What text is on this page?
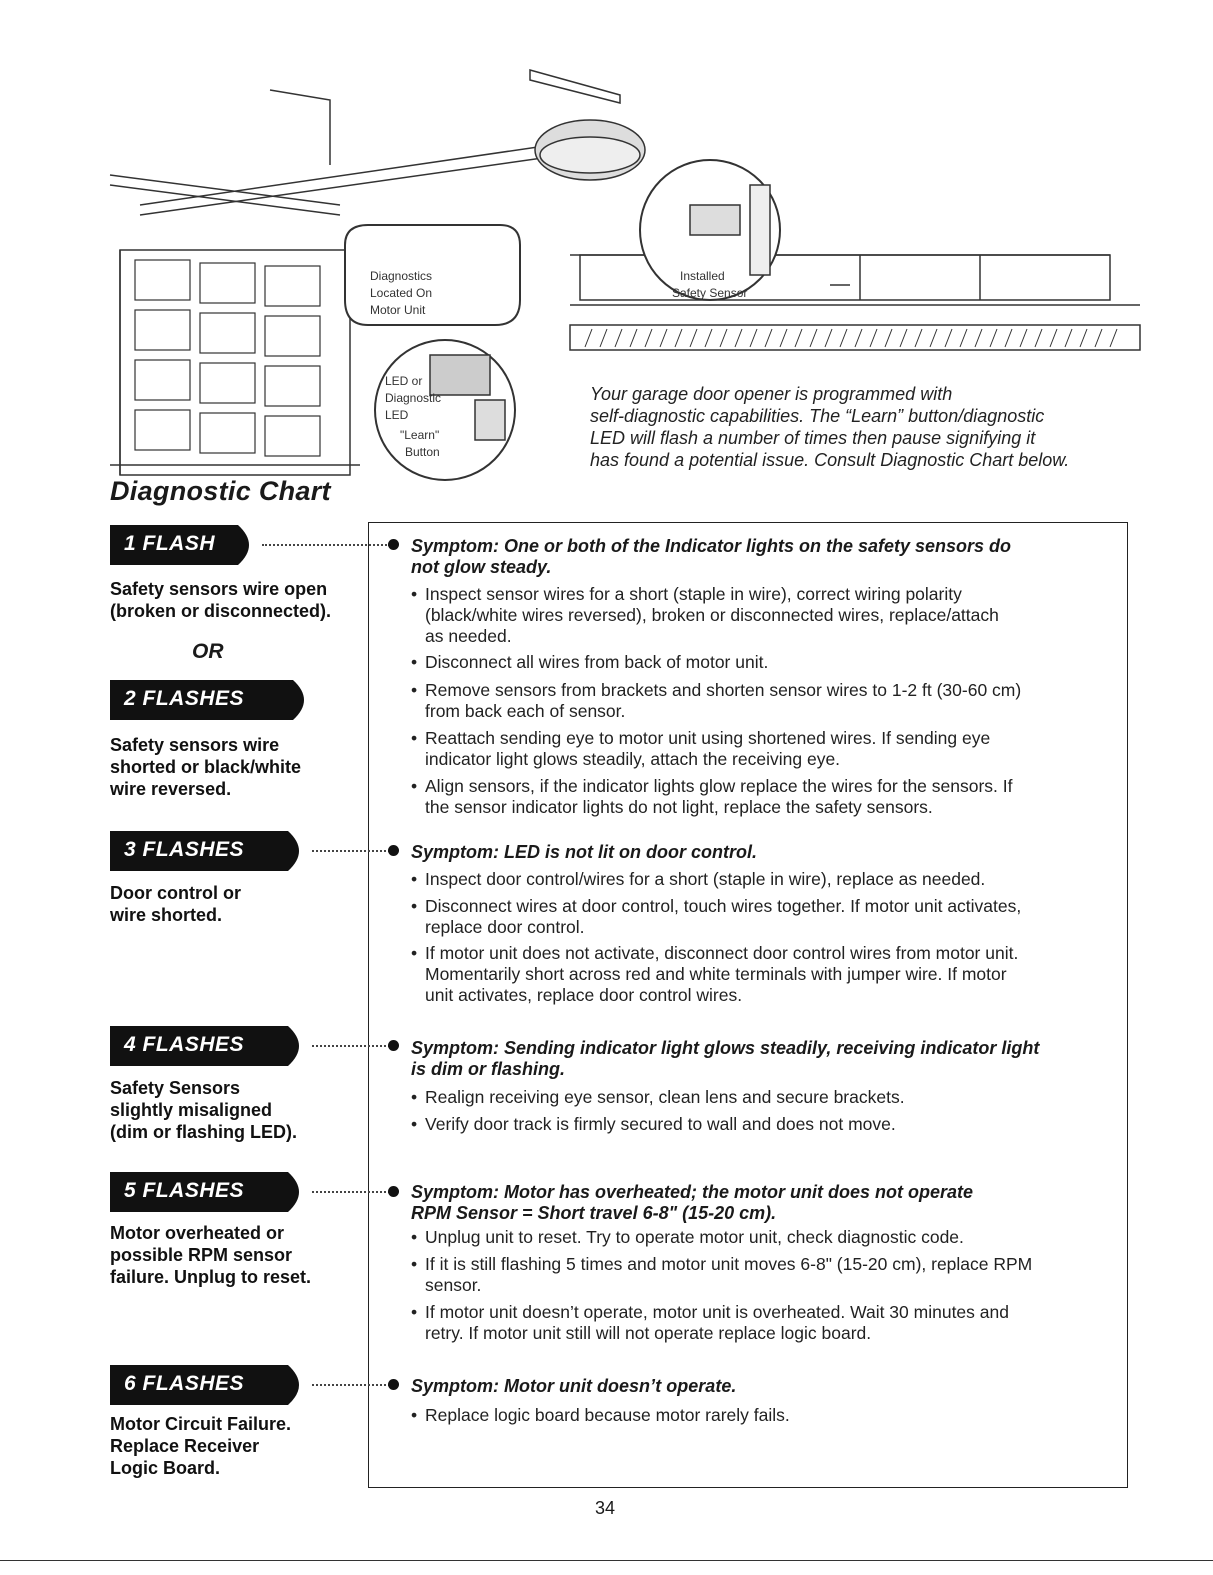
Diagnostics
Located On
Motor Unit
LED or
Diagnostic
LED
"Learn"
Button
Installed
Safety Sensor
Your garage door opener is programmed with
self-diagnostic capabilities. The “Learn” button/diagnostic
LED will flash a number of times then pause signifying it
has found a potential issue. Consult Diagnostic Chart below.
Diagnostic Chart
1 FLASH
2 FLASHES
3 FLASHES
4 FLASHES
5 FLASHES
6 FLASHES
Safety sensors wire open
(broken or disconnected).
OR
Safety sensors wire
shorted or black/white
wire reversed.
Door control or
wire shorted.
Safety Sensors
slightly misaligned
(dim or flashing LED).
Motor overheated or
possible RPM sensor
failure. Unplug to reset.
Motor Circuit Failure.
Replace Receiver
Logic Board.
Symptom: One or both of the Indicator lights on the safety sensors do
not glow steady.
• Inspect sensor wires for a short (staple in wire), correct wiring polarity
(black/white wires reversed), broken or disconnected wires, replace/attach
as needed.
• Disconnect all wires from back of motor unit.
• Remove sensors from brackets and shorten sensor wires to 1-2 ft (30-60 cm)
from back each of sensor.
• Reattach sending eye to motor unit using shortened wires. If sending eye
indicator light glows steadily, attach the receiving eye.
• Align sensors, if the indicator lights glow replace the wires for the sensors. If
the sensor indicator lights do not light, replace the safety sensors.
Symptom: LED is not lit on door control.
• Inspect door control/wires for a short (staple in wire), replace as needed.
• Disconnect wires at door control, touch wires together. If motor unit activates,
replace door control.
• If motor unit does not activate, disconnect door control wires from motor unit.
Momentarily short across red and white terminals with jumper wire. If motor
unit activates, replace door control wires.
Symptom: Sending indicator light glows steadily, receiving indicator light
is dim or flashing.
• Realign receiving eye sensor, clean lens and secure brackets.
• Verify door track is firmly secured to wall and does not move.
Symptom: Motor has overheated; the motor unit does not operate
RPM Sensor = Short travel 6-8" (15-20 cm).
• Unplug unit to reset. Try to operate motor unit, check diagnostic code.
• If it is still flashing 5 times and motor unit moves 6-8" (15-20 cm), replace RPM
sensor.
• If motor unit doesn’t operate, motor unit is overheated. Wait 30 minutes and
retry. If motor unit still will not operate replace logic board.
Symptom: Motor unit doesn’t operate.
• Replace logic board because motor rarely fails.
34
